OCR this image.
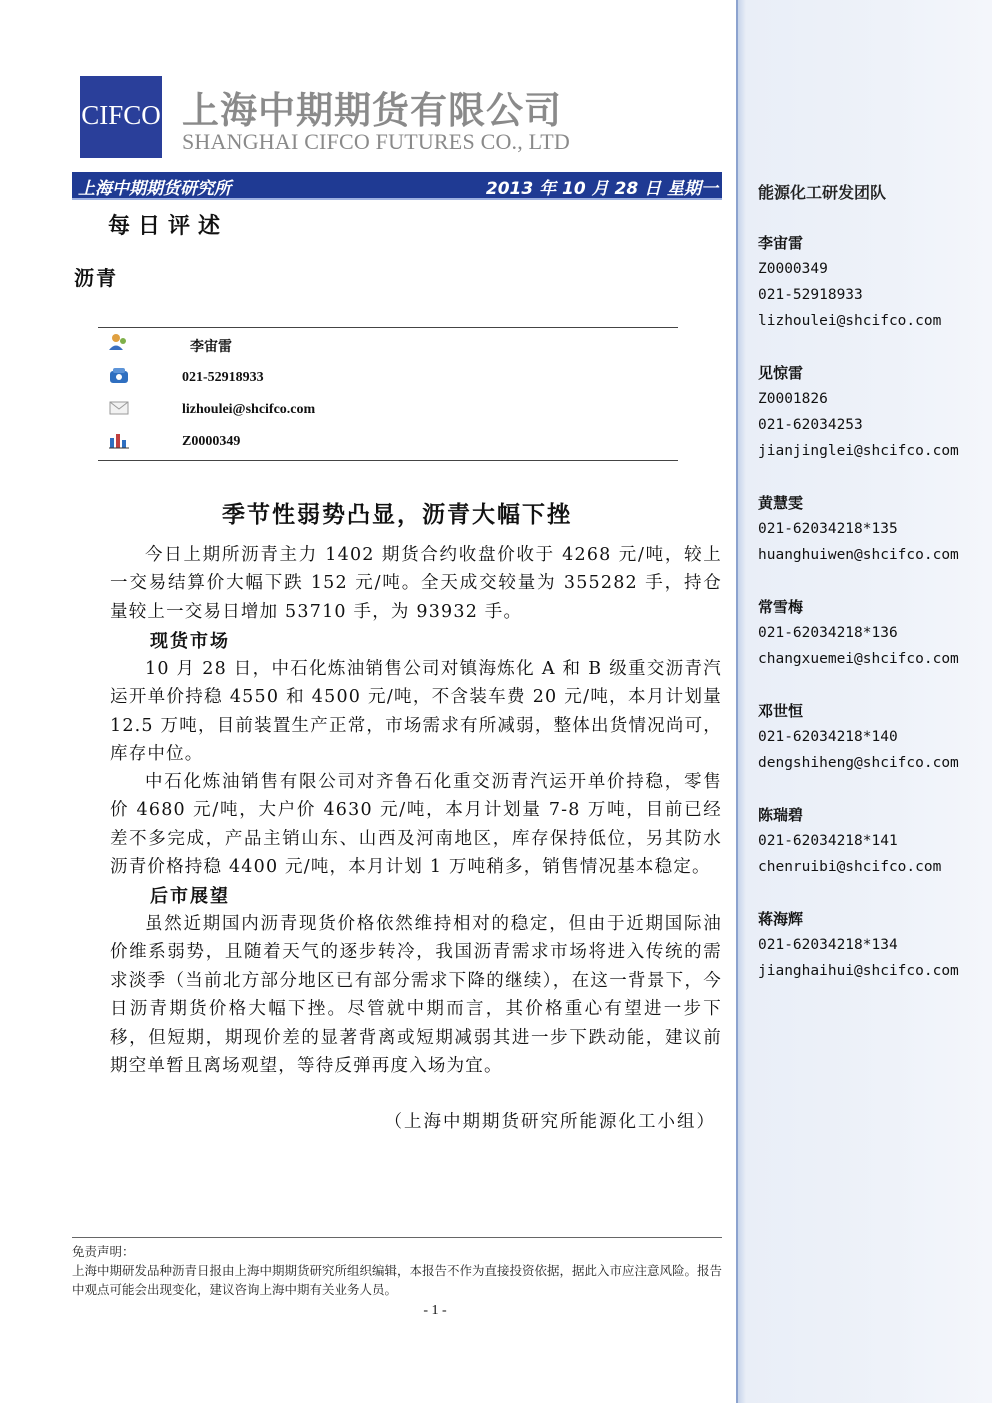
CIFCO 上海中期期货有限公司
SHANGHAI CIFCO FUTURES CO., LTD
上海中期期货研究所	2013 年 10 月 28 日 星期一
每日评述
沥青
李宙雷
021-52918933
lizhoulei@shcifco.com
Z0000349
季节性弱势凸显，沥青大幅下挫

今日上期所沥青主力 1402 期货合约收盘价收于 4268 元/吨，较上一交易结算价大幅下跌 152 元/吨。全天成交较量为 355282 手，持仓量较上一交易日增加 53710 手，为 93932 手。

现货市场

10 月 28 日，中石化炼油销售公司对镇海炼化 A 和 B 级重交沥青汽运开单价持稳 4550 和 4500 元/吨，不含装车费 20 元/吨，本月计划量 12.5 万吨，目前装置生产正常，市场需求有所减弱，整体出货情况尚可，库存中位。

中石化炼油销售有限公司对齐鲁石化重交沥青汽运开单价持稳，零售价 4680 元/吨，大户价 4630 元/吨，本月计划量 7-8 万吨，目前已经差不多完成，产品主销山东、山西及河南地区，库存保持低位，另其防水沥青价格持稳 4400 元/吨，本月计划 1 万吨稍多，销售情况基本稳定。

后市展望

虽然近期国内沥青现货价格依然维持相对的稳定，但由于近期国际油价维系弱势，且随着天气的逐步转冷，我国沥青需求市场将进入传统的需求淡季（当前北方部分地区已有部分需求下降的继续），在这一背景下，今日沥青期货价格大幅下挫。尽管就中期而言，其价格重心有望进一步下移，但短期，期现价差的显著背离或短期减弱其进一步下跌动能，建议前期空单暂且离场观望，等待反弹再度入场为宜。

（上海中期期货研究所能源化工小组）
免责声明：
上海中期研发品种沥青日报由上海中期期货研究所组织编辑，本报告不作为直接投资依据，据此入市应注意风险。报告中观点可能会出现变化，建议咨询上海中期有关业务人员。
- 1 -
能源化工研发团队
李宙雷
Z0000349
021-52918933
lizhoulei@shcifco.com
见惊雷
Z0001826
021-62034253
jianjinglei@shcifco.com
黄慧雯
021-62034218*135
huanghuiwen@shcifco.com
常雪梅
021-62034218*136
changxuemei@shcifco.com
邓世恒
021-62034218*140
dengshiheng@shcifco.com
陈瑞碧
021-62034218*141
chenruibi@shcifco.com
蒋海辉
021-62034218*134
jianghaihui@shcifco.com
